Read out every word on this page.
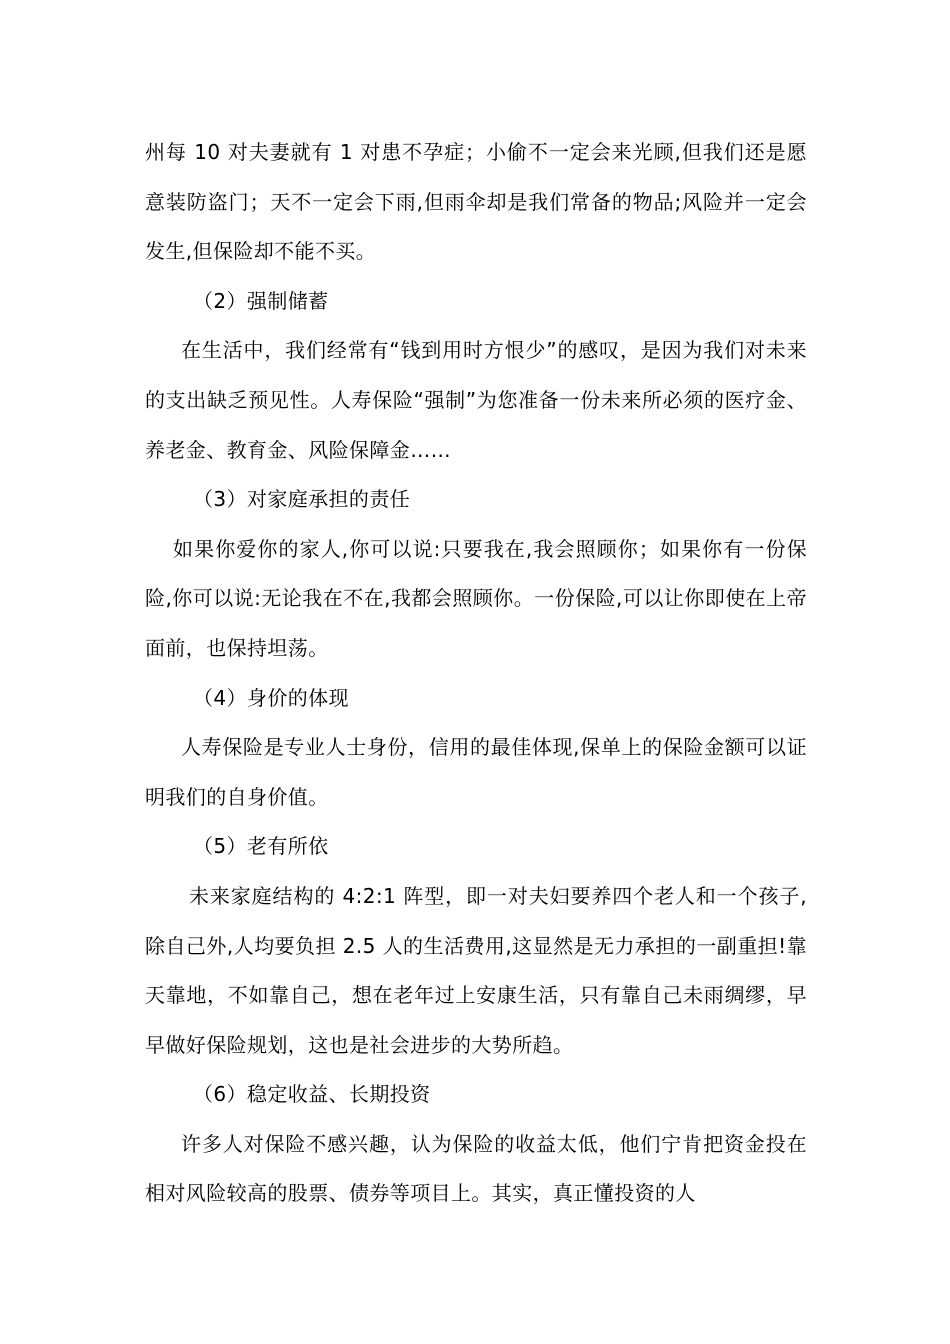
州每 10 对夫妻就有 1 对患不孕症；小偷不一定会来光顾,但我们还是愿意装防盗门；天不一定会下雨,但雨伞却是我们常备的物品;风险并一定会发生,但保险却不能不买。

（2）强制储蓄

在生活中，我们经常有“钱到用时方恨少”的感叹，是因为我们对未来的支出缺乏预见性。人寿保险“强制”为您准备一份未来所必须的医疗金、养老金、教育金、风险保障金……

（3）对家庭承担的责任

如果你爱你的家人,你可以说:只要我在,我会照顾你；如果你有一份保险,你可以说:无论我在不在,我都会照顾你。一份保险,可以让你即使在上帝面前，也保持坦荡。

（4）身价的体现

人寿保险是专业人士身份，信用的最佳体现,保单上的保险金额可以证明我们的自身价值。

（5）老有所依

未来家庭结构的 4:2:1 阵型，即一对夫妇要养四个老人和一个孩子,除自己外,人均要负担 2.5 人的生活费用,这显然是无力承担的一副重担!靠天靠地，不如靠自己，想在老年过上安康生活，只有靠自己未雨绸缪，早早做好保险规划，这也是社会进步的大势所趋。

（6）稳定收益、长期投资

许多人对保险不感兴趣，认为保险的收益太低，他们宁肯把资金投在相对风险较高的股票、债券等项目上。其实，真正懂投资的人
